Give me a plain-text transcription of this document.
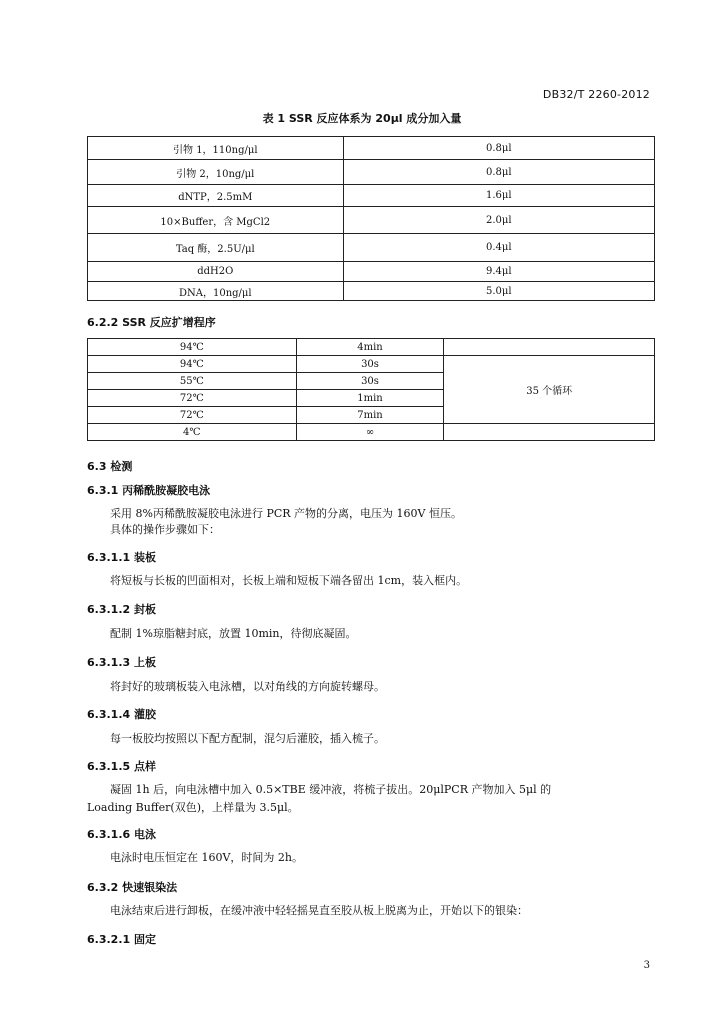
DB32/T 2260-2012
表 1 SSR 反应体系为 20μl 成分加入量
引物 1，110ng/μl	0.8μl
引物 2，10ng/μl	0.8μl
dNTP，2.5mM	1.6μl
10×Buffer，含 MgCl2	2.0μl
Taq 酶，2.5U/μl	0.4μl
ddH2O	9.4μl
DNA，10ng/μl	5.0μl
6.2.2 SSR 反应扩增程序
94℃	4min	
94℃	30s	35 个循环
55℃	30s	
72℃	1min	
72℃	7min	
4℃	∞	
6.3 检测
6.3.1 丙稀酰胺凝胶电泳
采用 8%丙稀酰胺凝胶电泳进行 PCR 产物的分离，电压为 160V 恒压。
具体的操作步骤如下：
6.3.1.1 装板
将短板与长板的凹面相对，长板上端和短板下端各留出 1cm，装入框内。
6.3.1.2 封板
配制 1%琼脂糖封底，放置 10min，待彻底凝固。
6.3.1.3 上板
将封好的玻璃板装入电泳槽，以对角线的方向旋转螺母。
6.3.1.4 灌胶
每一板胶均按照以下配方配制，混匀后灌胶，插入梳子。
6.3.1.5 点样
凝固 1h 后，向电泳槽中加入 0.5×TBE 缓冲液，将梳子拔出。20μlPCR 产物加入 5μl 的
Loading Buffer(双色)，上样量为 3.5μl。
6.3.1.6 电泳
电泳时电压恒定在 160V，时间为 2h。
6.3.2 快速银染法
电泳结束后进行卸板，在缓冲液中轻轻摇晃直至胶从板上脱离为止，开始以下的银染：
6.3.2.1 固定
3
